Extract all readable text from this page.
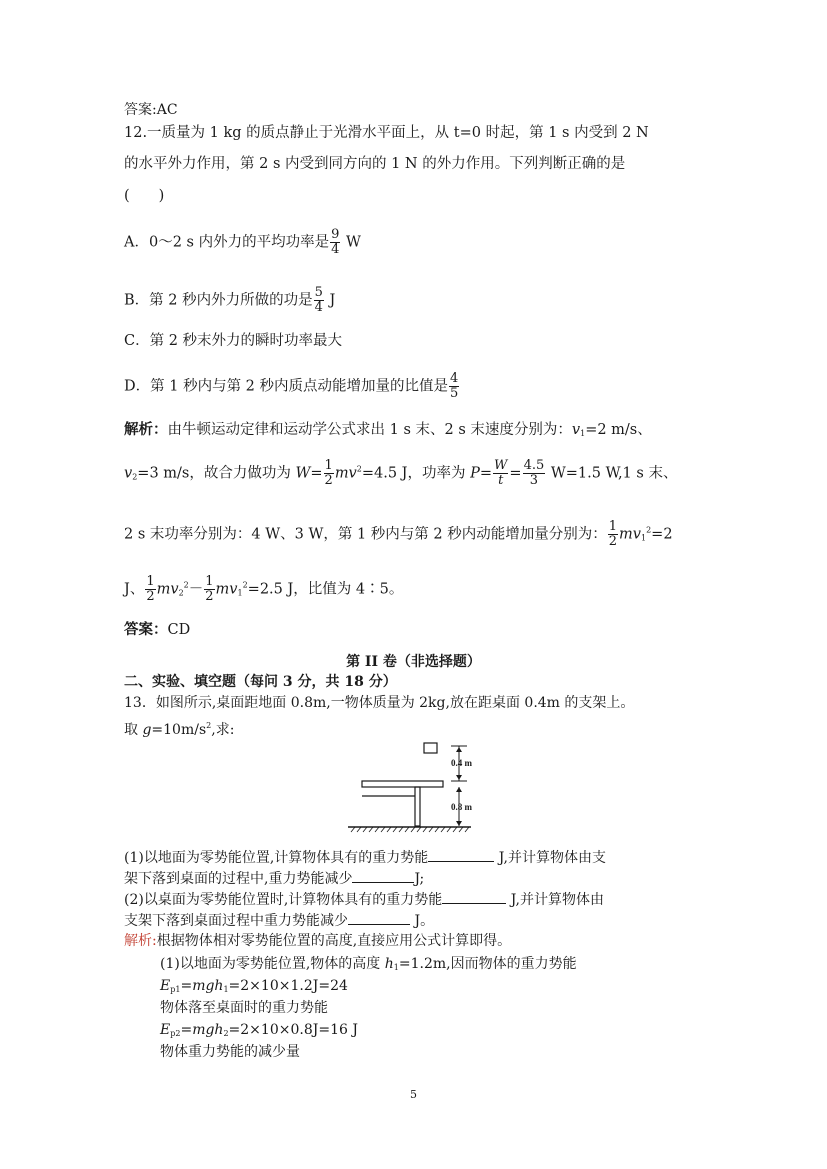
答案:AC
12.一质量为 1 kg 的质点静止于光滑水平面上，从 t=0 时起，第 1 s 内受到 2 N
的水平外力作用，第 2 s 内受到同方向的 1 N 的外力作用。下列判断正确的是
(　　)
A．0～2 s 内外力的平均功率是 $\frac{9}{4}$ W
B．第 2 秒内外力所做的功是 $\frac{5}{4}$ J
C．第 2 秒末外力的瞬时功率最大
D．第 1 秒内与第 2 秒内质点动能增加量的比值是 $\frac{4}{5}$
解析：由牛顿运动定律和运动学公式求出 1 s 末、2 s 末速度分别为：$v_1=2$ m/s、
$v_2=3$ m/s，故合力做功为 $W= \frac{1}{2} mv^2=4.5$ J，功率为 $P= \frac{W}{t} = \frac{4.5}{3} W=1.5$ W,1 s 末、
2 s 末功率分别为：4 W、3 W，第 1 秒内与第 2 秒内动能增加量分别为： $\frac{1}{2} mv_1^2=2$
J、 $\frac{1}{2} mv_2^2- \frac{1}{2} mv_1^2=2.5$ J，比值为 4∶5。
答案：CD
第 II 卷（非选择题）
二、实验、填空题（每问 3 分，共 18 分）
13．如图所示,桌面距地面 0.8m,一物体质量为 2kg,放在距桌面 0.4m 的支架上。
取 $g=10m/s^2$,求:
0.4 m
0.8 m
(1)以地面为零势能位置,计算物体具有的重力势能	J,并计算物体由支
架下落到桌面的过程中,重力势能减少	J;
(2)以桌面为零势能位置时,计算物体具有的重力势能	J,并计算物体由
支架下落到桌面过程中重力势能减少	J。
解析:根据物体相对零势能位置的高度,直接应用公式计算即得。
(1)以地面为零势能位置,物体的高度 $h_1=1.2m$,因而物体的重力势能
$E_{p1}=mgh_1=2\times 10\times 1.2J=24$
物体落至桌面时的重力势能
$E_{p2}=mgh_2=2\times 10\times 0.8J=16$ J
物体重力势能的减少量
5
